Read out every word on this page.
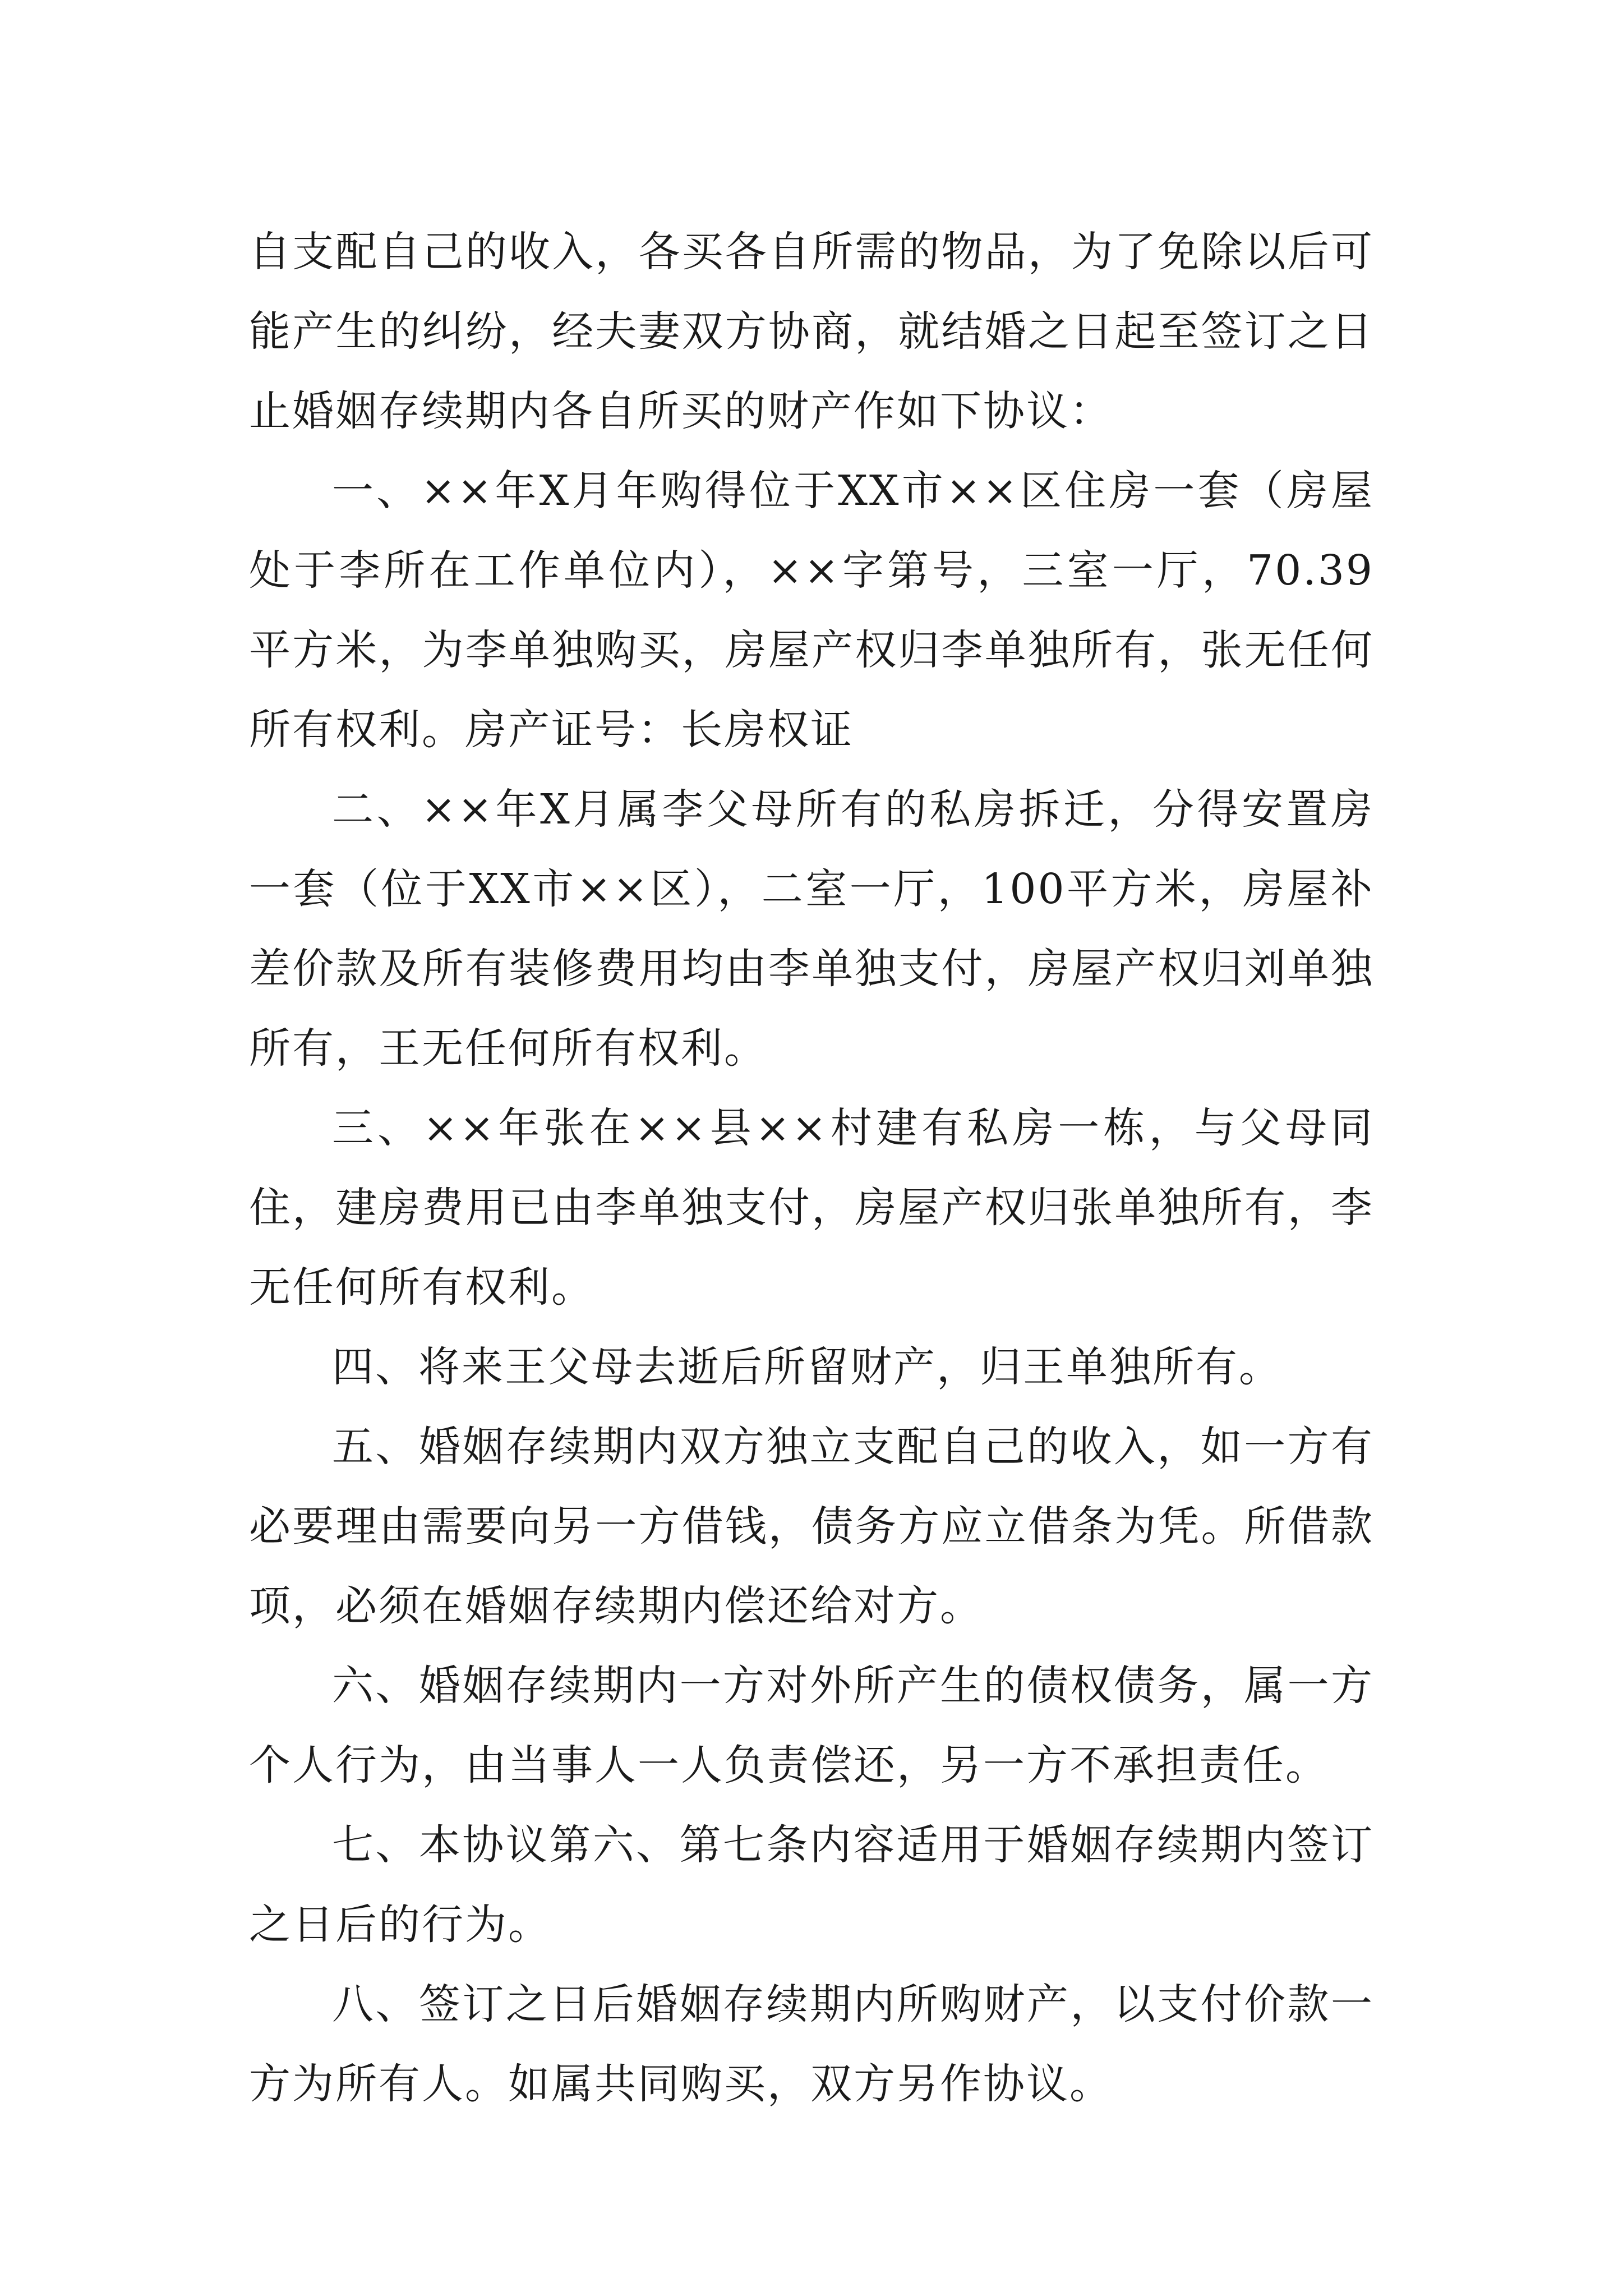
自支配自己的收入，各买各自所需的物品，为了免除以后可能产生的纠纷，经夫妻双方协商，就结婚之日起至签订之日止婚姻存续期内各自所买的财产作如下协议：

一、××年X月年购得位于XX市××区住房一套（房屋处于李所在工作单位内），××字第号，三室一厅，70.39平方米，为李单独购买，房屋产权归李单独所有，张无任何所有权利。房产证号：长房权证

二、××年X月属李父母所有的私房拆迁，分得安置房一套（位于XX市××区），二室一厅，100平方米，房屋补差价款及所有装修费用均由李单独支付，房屋产权归刘单独所有，王无任何所有权利。

三、××年张在××县××村建有私房一栋，与父母同住，建房费用已由李单独支付，房屋产权归张单独所有，李无任何所有权利。

四、将来王父母去逝后所留财产，归王单独所有。

五、婚姻存续期内双方独立支配自己的收入，如一方有必要理由需要向另一方借钱，债务方应立借条为凭。所借款项，必须在婚姻存续期内偿还给对方。

六、婚姻存续期内一方对外所产生的债权债务，属一方个人行为，由当事人一人负责偿还，另一方不承担责任。

七、本协议第六、第七条内容适用于婚姻存续期内签订之日后的行为。

八、签订之日后婚姻存续期内所购财产，以支付价款一方为所有人。如属共同购买，双方另作协议。
